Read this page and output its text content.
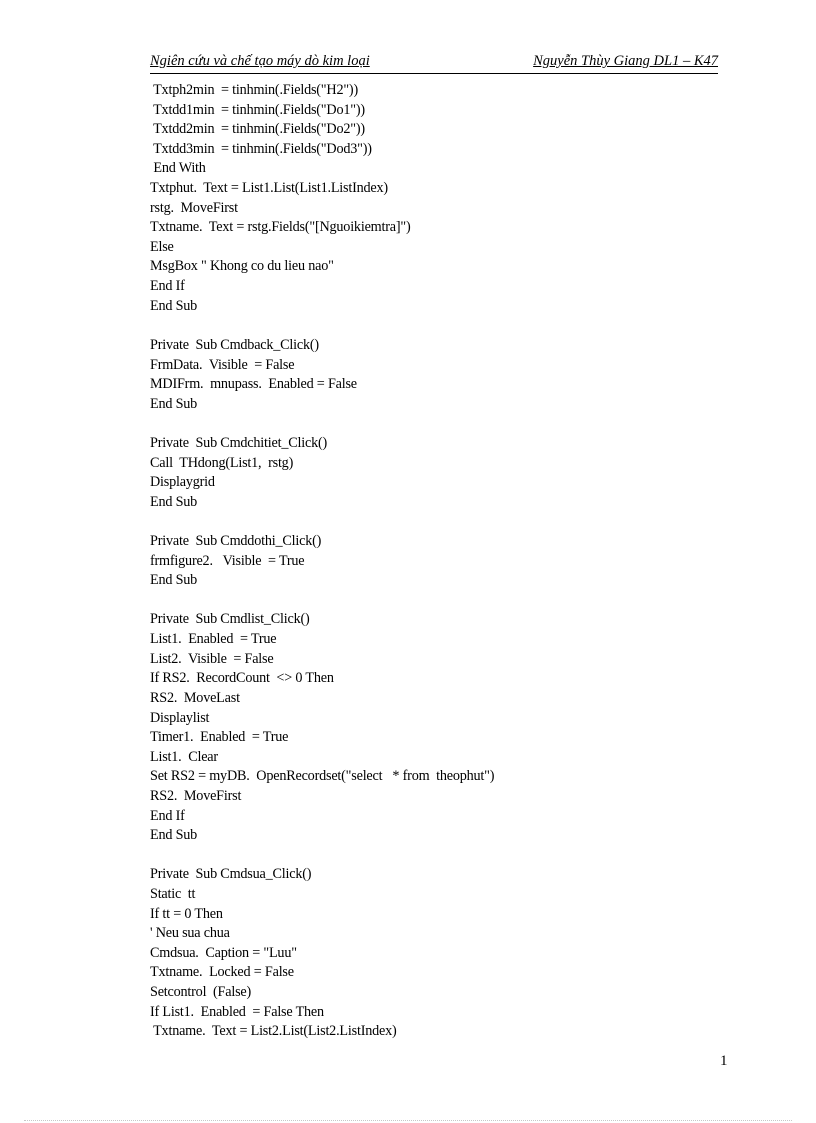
Ngiên cứu và chế tạo máy dò kim loại	Nguyễn Thùy Giang DL1 – K47
Txtph2min  = tinhmin(.Fields("H2"))
Txtdd1min  = tinhmin(.Fields("Do1"))
Txtdd2min  = tinhmin(.Fields("Do2"))
Txtdd3min  = tinhmin(.Fields("Dod3"))
End With
Txtphut.  Text = List1.List(List1.ListIndex)
rstg.  MoveFirst
Txtname.  Text = rstg.Fields("[Nguoikiemtra]")
Else
MsgBox " Khong co du lieu nao"
End If
End Sub
Private  Sub Cmdback_Click()
FrmData.  Visible  = False
MDIFrm.  mnupass.  Enabled = False
End Sub
Private  Sub Cmdchitiet_Click()
Call  THdong(List1,  rstg)
Displaygrid
End Sub
Private  Sub Cmddothi_Click()
frmfigure2.   Visible  = True
End Sub
Private  Sub Cmdlist_Click()
List1.  Enabled  = True
List2.  Visible  = False
If RS2.  RecordCount  <> 0 Then
RS2.  MoveLast
Displaylist
Timer1.  Enabled  = True
List1.  Clear
Set RS2 = myDB.  OpenRecordset("select   * from  theophut")
RS2.  MoveFirst
End If
End Sub
Private  Sub Cmdsua_Click()
Static  tt
If tt = 0 Then
' Neu sua chua
Cmdsua.  Caption = "Luu"
Txtname.  Locked = False
Setcontrol  (False)
If List1.  Enabled  = False Then
Txtname.  Text = List2.List(List2.ListIndex)
1
